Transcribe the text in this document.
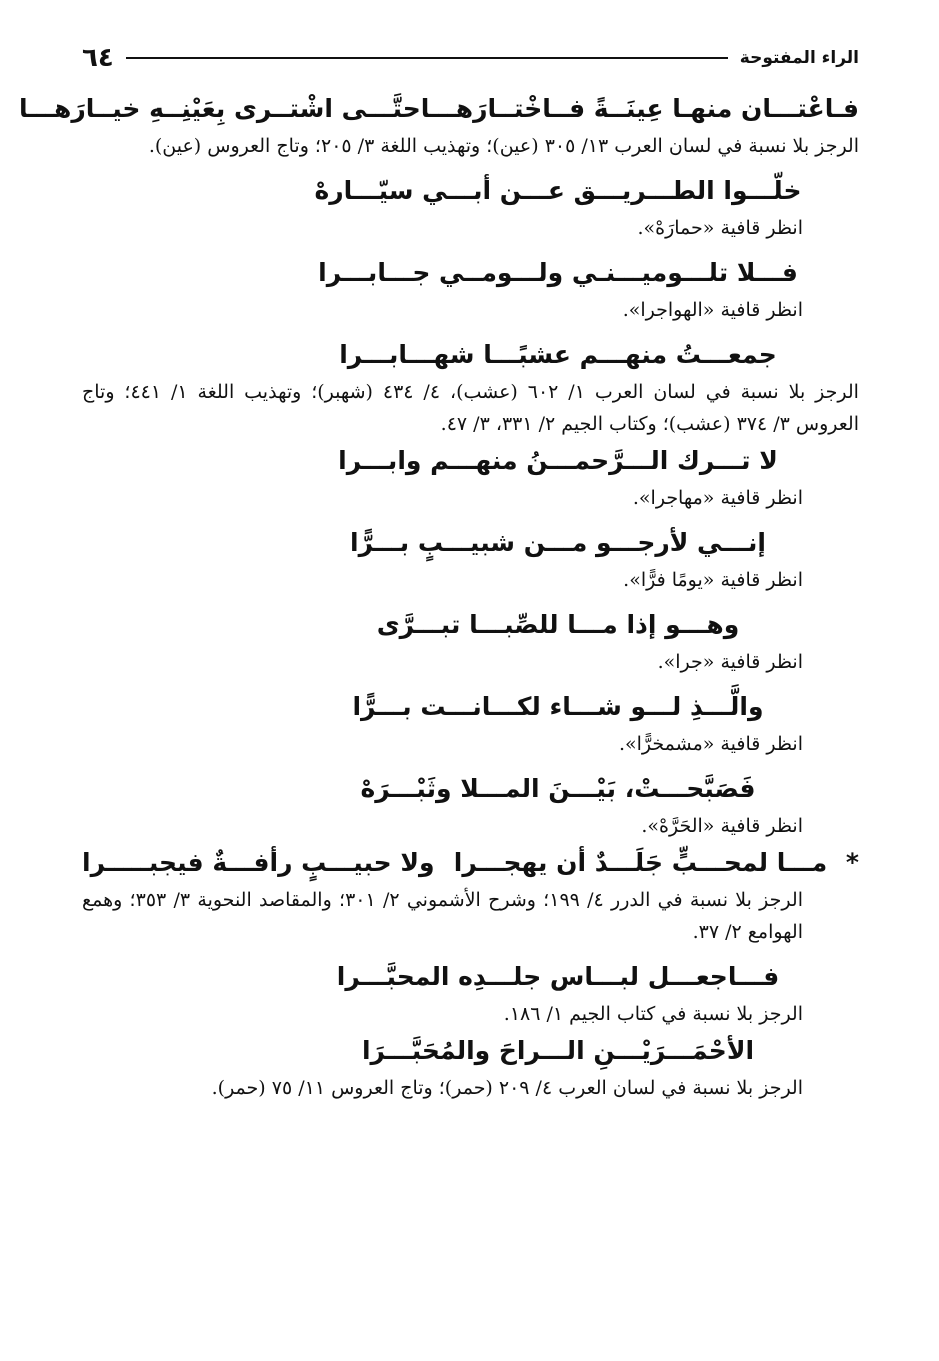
الراء المفتوحة
٦٤
فـاعْتـــان منهـا عِينَــةً فــاخْتــارَهـــا
حتَّـــى اشْتــرى بِعَيْنِــهِ خيــارَهـــا
الرجز بلا نسبة في لسان العرب ١٣/ ٣٠٥ (عين)؛ وتهذيب اللغة ٣/ ٢٠٥؛ وتاج العروس (عين).
خلّـــوا الطـــريـــق عـــن أبـــي سيّـــارهْ
انظر قافية «حمارَهْ».
فـــلا تلـــوميـــنـي ولـــومــي جـــابـــرا
انظر قافية «الهواجرا».
جمعـــتُ منهـــم عشبًـــا شهـــابـــرا
الرجز بلا نسبة في لسان العرب ١/ ٦٠٢ (عشب)، ٤/ ٤٣٤ (شهبر)؛ وتهذيب اللغة ١/ ٤٤١؛ وتاج العروس ٣/ ٣٧٤ (عشب)؛ وكتاب الجيم ٢/ ٣٣١، ٣/ ٤٧.
لا تـــرك الـــرَّحمـــنُ منهـــم وابـــرا
انظر قافية «مهاجرا».
إنـــي لأرجـــو مـــن شبيـــبٍ بـــرًّا
انظر قافية «يومًا فرًّا».
وهـــو إذا مـــا للصِّبـــا تبـــرَّى
انظر قافية «جرا».
والَّـــذِ لـــو شـــاء لكـــانـــت بـــرًّا
انظر قافية «مشمخرًّا».
فَصَبَّحـــتْ، بَيْـــنَ المـــلا وثَبْـــرَهْ
انظر قافية «الحَرَّهْ».
* مـــا لمحـــبٍّ جَلَـــدٌ أن يهجـــرا
ولا حبيـــبٍ رأفـــةٌ فيجبـــــرا
الرجز بلا نسبة في الدرر ٤/ ١٩٩؛ وشرح الأشموني ٢/ ٣٠١؛ والمقاصد النحوية ٣/ ٣٥٣؛ وهمع الهوامع ٢/ ٣٧.
فـــاجعـــل لبـــاس جلـــدِه المحبَّـــرا
الرجز بلا نسبة في كتاب الجيم ١/ ١٨٦.
الأحْمَـــرَيْـــنِ الـــراحَ والمُحَبَّـــرَا
الرجز بلا نسبة في لسان العرب ٤/ ٢٠٩ (حمر)؛ وتاج العروس ١١/ ٧٥ (حمر).
